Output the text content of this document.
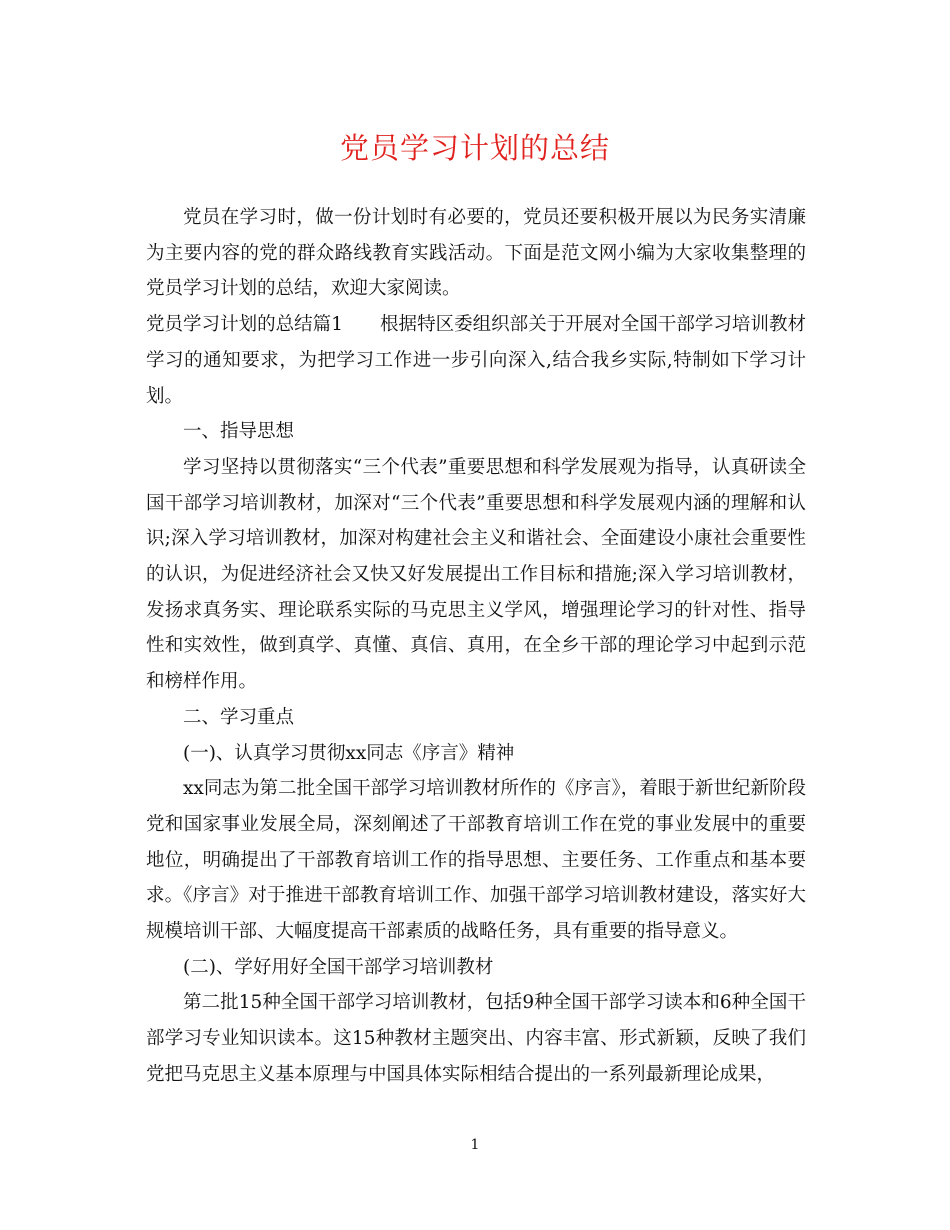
党员学习计划的总结

党员在学习时，做一份计划时有必要的，党员还要积极开展以为民务实清廉为主要内容的党的群众路线教育实践活动。下面是范文网小编为大家收集整理的党员学习计划的总结，欢迎大家阅读。

党员学习计划的总结篇1　　根据特区委组织部关于开展对全国干部学习培训教材学习的通知要求，为把学习工作进一步引向深入,结合我乡实际,特制如下学习计划。

一、指导思想

学习坚持以贯彻落实“三个代表”重要思想和科学发展观为指导，认真研读全国干部学习培训教材，加深对“三个代表”重要思想和科学发展观内涵的理解和认识;深入学习培训教材，加深对构建社会主义和谐社会、全面建设小康社会重要性的认识，为促进经济社会又快又好发展提出工作目标和措施;深入学习培训教材，发扬求真务实、理论联系实际的马克思主义学风，增强理论学习的针对性、指导性和实效性，做到真学、真懂、真信、真用，在全乡干部的理论学习中起到示范和榜样作用。

二、学习重点

(一)、认真学习贯彻xx同志《序言》精神

xx同志为第二批全国干部学习培训教材所作的《序言》，着眼于新世纪新阶段党和国家事业发展全局，深刻阐述了干部教育培训工作在党的事业发展中的重要地位，明确提出了干部教育培训工作的指导思想、主要任务、工作重点和基本要求。《序言》对于推进干部教育培训工作、加强干部学习培训教材建设，落实好大规模培训干部、大幅度提高干部素质的战略任务，具有重要的指导意义。

(二)、学好用好全国干部学习培训教材

第二批15种全国干部学习培训教材，包括9种全国干部学习读本和6种全国干部学习专业知识读本。这15种教材主题突出、内容丰富、形式新颖，反映了我们党把马克思主义基本原理与中国具体实际相结合提出的一系列最新理论成果，

1
